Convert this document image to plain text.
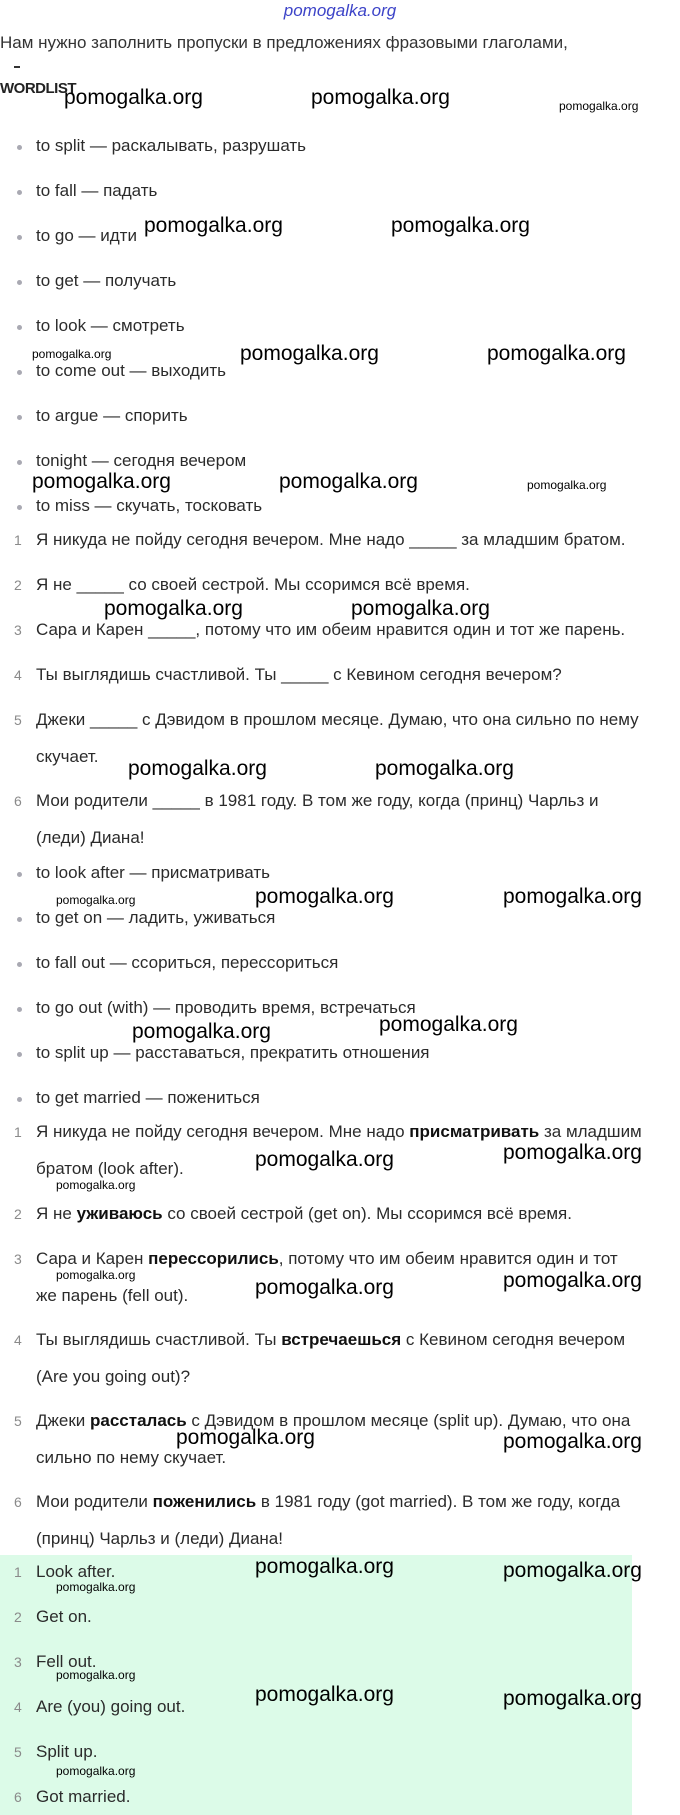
pomogalka.org
Нам нужно заполнить пропуски в предложениях фразовыми глаголами,
WORDLIST
to split — раскалывать, разрушать
to fall — падать
to go — идти
to get — получать
to look — смотреть
to come out — выходить
to argue — спорить
tonight — сегодня вечером
to miss — скучать, тосковать
1 Я никуда не пойду сегодня вечером. Мне надо _____ за младшим братом.
2 Я не _____ со своей сестрой. Мы ссоримся всё время.
3 Сара и Карен _____, потому что им обеим нравится один и тот же парень.
4 Ты выглядишь счастливой. Ты _____ с Кевином сегодня вечером?
5 Джеки _____ с Дэвидом в прошлом месяце. Думаю, что она сильно по нему
скучает.
6 Мои родители _____ в 1981 году. В том же году, когда (принц) Чарльз и
(леди) Диана!
to look after — присматривать
to get on — ладить, уживаться
to fall out — ссориться, перессориться
to go out (with) — проводить время, встречаться
to split up — расставаться, прекратить отношения
to get married — пожениться
1 Я никуда не пойду сегодня вечером. Мне надо присматривать за младшим
братом (look after).
2 Я не уживаюсь со своей сестрой (get on). Мы ссоримся всё время.
3 Сара и Карен перессорились, потому что им обеим нравится один и тот
же парень (fell out).
4 Ты выглядишь счастливой. Ты встречаешься с Кевином сегодня вечером
(Are you going out)?
5 Джеки рассталась с Дэвидом в прошлом месяце (split up). Думаю, что она
сильно по нему скучает.
6 Мои родители поженились в 1981 году (got married). В том же году, когда
(принц) Чарльз и (леди) Диана!
1 Look after.
2 Get on.
3 Fell out.
4 Are (you) going out.
5 Split up.
6 Got married.
pomogalka.org	pomogalka.org	pomogalka.org
pomogalka.org	pomogalka.org
pomogalka.org	pomogalka.org	pomogalka.org
pomogalka.org	pomogalka.org	pomogalka.org
pomogalka.org	pomogalka.org
pomogalka.org	pomogalka.org
pomogalka.org	pomogalka.org	pomogalka.org
pomogalka.org	pomogalka.org
pomogalka.org	pomogalka.org
pomogalka.org
pomogalka.org
pomogalka.org	pomogalka.org
pomogalka.org	pomogalka.org
pomogalka.org	pomogalka.org
pomogalka.org
pomogalka.org
pomogalka.org	pomogalka.org
pomogalka.org
